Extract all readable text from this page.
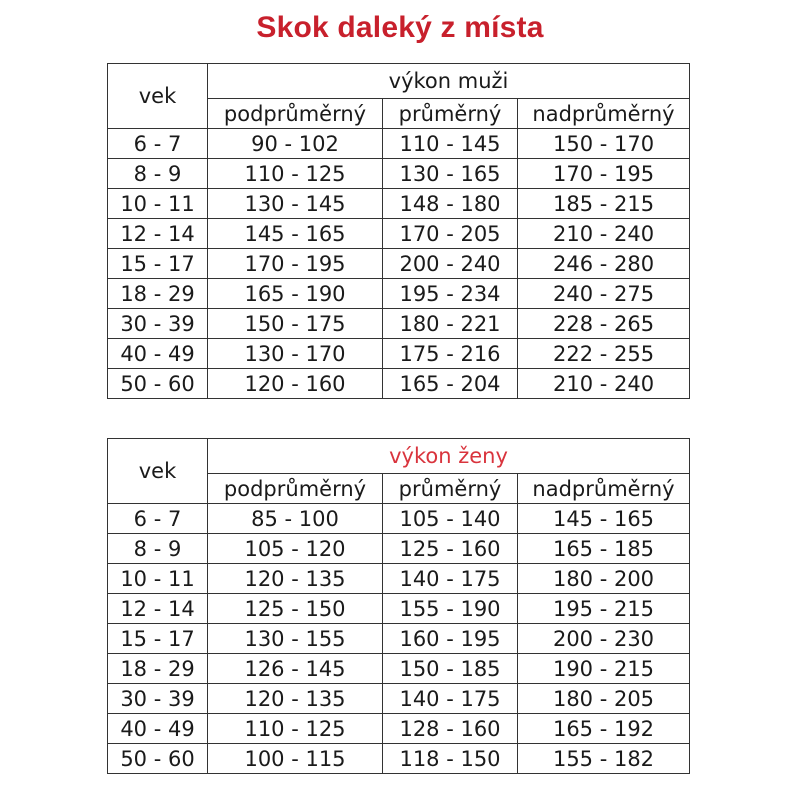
Skok daleký z místa
vek	výkon muži		
	podprůměrný	průměrný	nadprůměrný
6 - 7	90 - 102	110 - 145	150 - 170
8 - 9	110 - 125	130 - 165	170 - 195
10 - 11	130 - 145	148 - 180	185 - 215
12 - 14	145 - 165	170 - 205	210 - 240
15 - 17	170 - 195	200 - 240	246 - 280
18 - 29	165 - 190	195 - 234	240 - 275
30 - 39	150 - 175	180 - 221	228 - 265
40 - 49	130 - 170	175 - 216	222 - 255
50 - 60	120 - 160	165 - 204	210 - 240
vek	výkon ženy		
	podprůměrný	průměrný	nadprůměrný
6 - 7	85 - 100	105 - 140	145 - 165
8 - 9	105 - 120	125 - 160	165 - 185
10 - 11	120 - 135	140 - 175	180 - 200
12 - 14	125 - 150	155 - 190	195 - 215
15 - 17	130 - 155	160 - 195	200 - 230
18 - 29	126 - 145	150 - 185	190 - 215
30 - 39	120 - 135	140 - 175	180 - 205
40 - 49	110 - 125	128 - 160	165 - 192
50 - 60	100 - 115	118 - 150	155 - 182
